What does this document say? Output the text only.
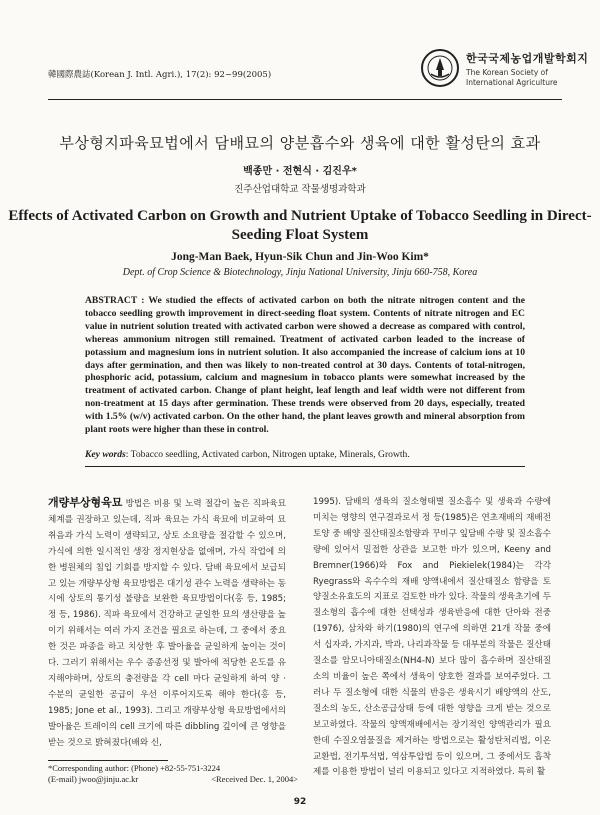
韓國際農誌(Korean J. Intl. Agri.), 17(2): 92~99(2005)
한국국제농업개발학회지
The Korean Society of International Agriculture
부상형지파육묘법에서 담배묘의 양분흡수와 생육에 대한 활성탄의 효과
백종만 · 전현식 · 김진우*
진주산업대학교 작물생명과학과
Effects of Activated Carbon on Growth and Nutrient Uptake of Tobacco Seedling in Direct-Seeding Float System
Jong-Man Baek, Hyun-Sik Chun and Jin-Woo Kim*
Dept. of Crop Science & Biotechnology, Jinju National University, Jinju 660-758, Korea
ABSTRACT : We studied the effects of activated carbon on both the nitrate nitrogen content and the tobacco seedling growth improvement in direct-seeding float system. Contents of nitrate nitrogen and EC value in nutrient solution treated with activated carbon were showed a decrease as compared with control, whereas ammonium nitrogen still remained. Treatment of activated carbon leaded to the increase of potassium and magnesium ions in nutrient solution. It also accompanied the increase of calcium ions at 10 days after germination, and then was likely to non-treated control at 30 days. Contents of total-nitrogen, phosphoric acid, potassium, calcium and magnesium in tobacco plants were somewhat increased by the treatment of activated carbon. Change of plant height, leaf length and leaf width were not different from non-treatment at 15 days after germination. These trends were observed from 20 days, especially, treated with 1.5% (w/v) activated carbon. On the other hand, the plant leaves growth and mineral absorption from plant roots were higher than these in control.
Key words: Tobacco seedling, Activated carbon, Nitrogen uptake, Minerals, Growth.
개량부상형육묘 방법은 비용 및 노력 절감이 높은 직파육묘체계를 권장하고 있는데, 직파 육묘는 가식 육묘에 비교하여 묘 취음과 가식 노력이 생략되고, 상토 소요량을 절감할 수 있으며, 가식에 의한 일시적인 생장 정지현상을 없애며, 가식 작업에 의한 병원체의 침입 기회를 방지할 수 있다. 담배 육묘에서 보급되고 있는 개량부상형 육묘방법은 대기성 관수 노력을 생략하는 동시에 상토의 통기성 불량을 보완한 육묘방법이다(홍 등, 1985; 정 등, 1986). 직파 육묘에서 건강하고 균일한 묘의 생산량을 높이기 위해서는 여러 가지 조건을 필요로 하는데, 그 중에서 중요한 것은 파종을 하고 치상한 후 발아율을 균일하게 높이는 것이다. 그러기 위해서는 우수 종종선정 및 발아에 적당한 온도를 유지해야하며, 상토의 충전량을 각 cell 마다 균일하게 하여 양 · 수분의 균일한 공급이 우선 이루어지도록 해야 한다(홍 등, 1985; Jone et al., 1993). 그리고 개량부상형 육묘방법에서의 발아율은 트레이의 cell 크기에 따른 dibbling 깊이에 큰 영향을 받는 것으로 밝혀졌다(배와 신,
1995). 담배의 생육의 질소형태별 질소흡수 및 생육과 수량에 미치는 영향의 연구결과로서 정 등(1985)은 연초재배의 재배전 토양 중 배양 질산태질소함량과 꾸비구 잎담배 수량 및 질소흡수량에 있어서 밀접한 상관을 보고한 바가 있으며, Keeny and Bremner(1966)와 Fox and Piekielek(1984)는 각각 Ryegrass와 옥수수의 재배 양액내에서 질산태질소 함량을 토양질소유효도의 지표로 검토한 바가 있다. 작물의 생육초기에 두 질소형의 흡수에 대한 선택성과 생육반응에 대한 단아와 전중(1976), 삼차와 하기(1980)의 연구에 의하면 21개 작물 중에서 십자과, 가지과, 박과, 나리과작물 등 대부분의 작물은 질산태질소를 암모니아태질소(NH4-N) 보다 많이 흡수하며 질산태질소의 비율이 높은 쪽에서 생육이 양호한 결과를 보여주었다. 그러나 두 질소형에 대한 식물의 반응은 생육시기 배양액의 산도, 질소의 농도, 산소공급상태 등에 대한 영향을 크게 받는 것으로 보고하였다. 작물의 양액재배에서는 장기적인 양액관리가 필요한데 수질오염물질을 제거하는 방법으로는 활성탄처리법, 이온교환법, 전기투석법, 역삼투압법 등이 있으며, 그 중에서도 흡착제를 이용한 방법이 널리 이용되고 있다고 지적하였다. 특히 활
*Corresponding author: (Phone) +82-55-751-3224
(E-mail) jwoo@jinju.ac.kr	<Received Dec. 1, 2004>
92
